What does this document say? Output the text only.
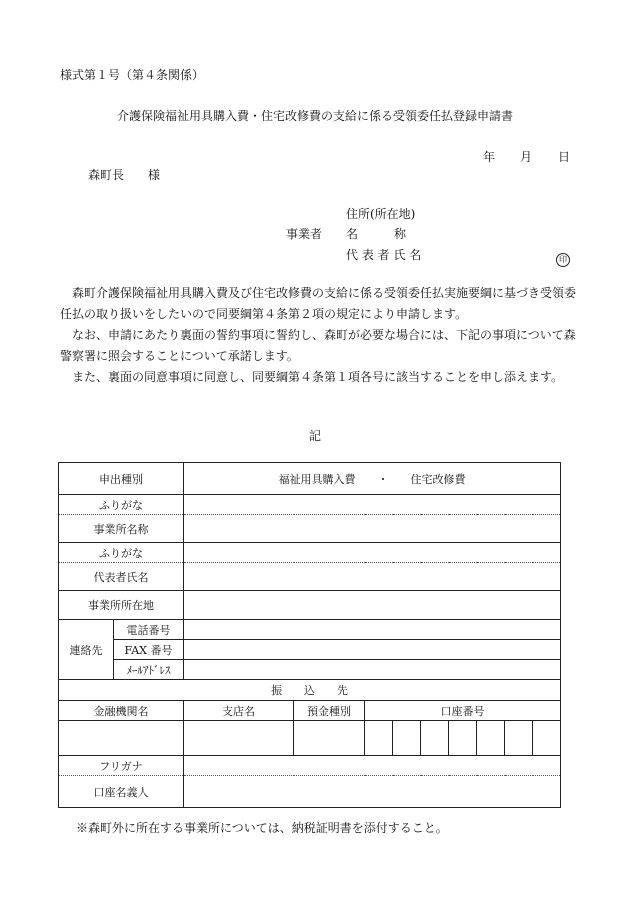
様式第１号（第４条関係）
介護保険福祉用具購入費・住宅改修費の支給に係る受領委任払登録申請書
年 月 日
森町長　　様
住所(所在地)
事業者 名　　　称
代 表 者 氏 名	印
森町介護保険福祉用具購入費及び住宅改修費の支給に係る受領委任払実施要綱に基づき受領委任払の取り扱いをしたいので同要綱第４条第２項の規定により申請します。
なお、申請にあたり裏面の誓約事項に誓約し、森町が必要な場合には、下記の事項について森警察署に照会することについて承諾します。
また、裏面の同意事項に同意し、同要綱第４条第１項各号に該当することを申し添えます。
記
申出種別		福祉用具購入費　　・　　住宅改修費								
ふりがな										
事業所名称										
ふりがな										
代表者氏名										
事業所所在地										
連絡先	電話番号									
	FAX 番号									
	ﾒｰﾙｱﾄﾞﾚｽ									
振　　込　　先										
金融機関名		支店名	預金種別	口座番号						

フリガナ										
口座名義人										
※森町外に所在する事業所については、納税証明書を添付すること。
